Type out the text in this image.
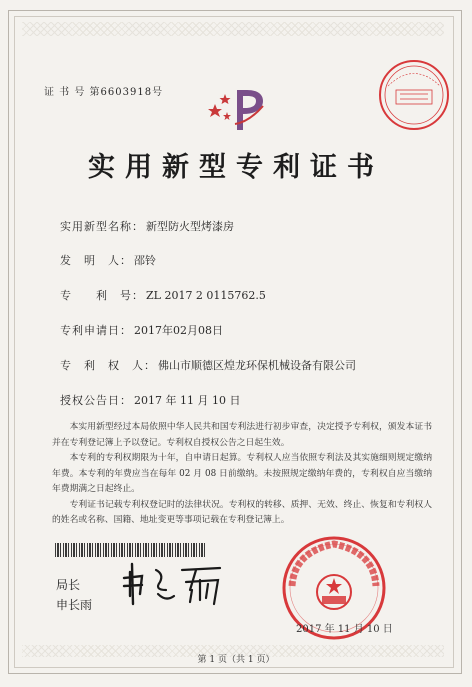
证 书 号 第6603918号
实用新型专利证书
实用新型名称： 新型防火型烤漆房
发　明　人： 邵铃
专　　利　号： ZL 2017 2 0115762.5
专利申请日： 2017年02月08日
专　利　权　人： 佛山市顺德区煌龙环保机械设备有限公司
授权公告日： 2017 年 11 月 10 日

本实用新型经过本局依照中华人民共和国专利法进行初步审查，决定授予专利权，颁发本证书并在专利登记簿上予以登记。专利权自授权公告之日起生效。

本专利的专利权期限为十年，自申请日起算。专利权人应当依照专利法及其实施细则规定缴纳年费。本专利的年费应当在每年 02 月 08 日前缴纳。未按照规定缴纳年费的，专利权自应当缴纳年费期满之日起终止。

专利证书记载专利权登记时的法律状况。专利权的转移、质押、无效、终止、恢复和专利权人的姓名或名称、国籍、地址变更等事项记载在专利登记簿上。

局长
申长雨
2017 年 11 月 10 日
第 1 页（共 1 页）
